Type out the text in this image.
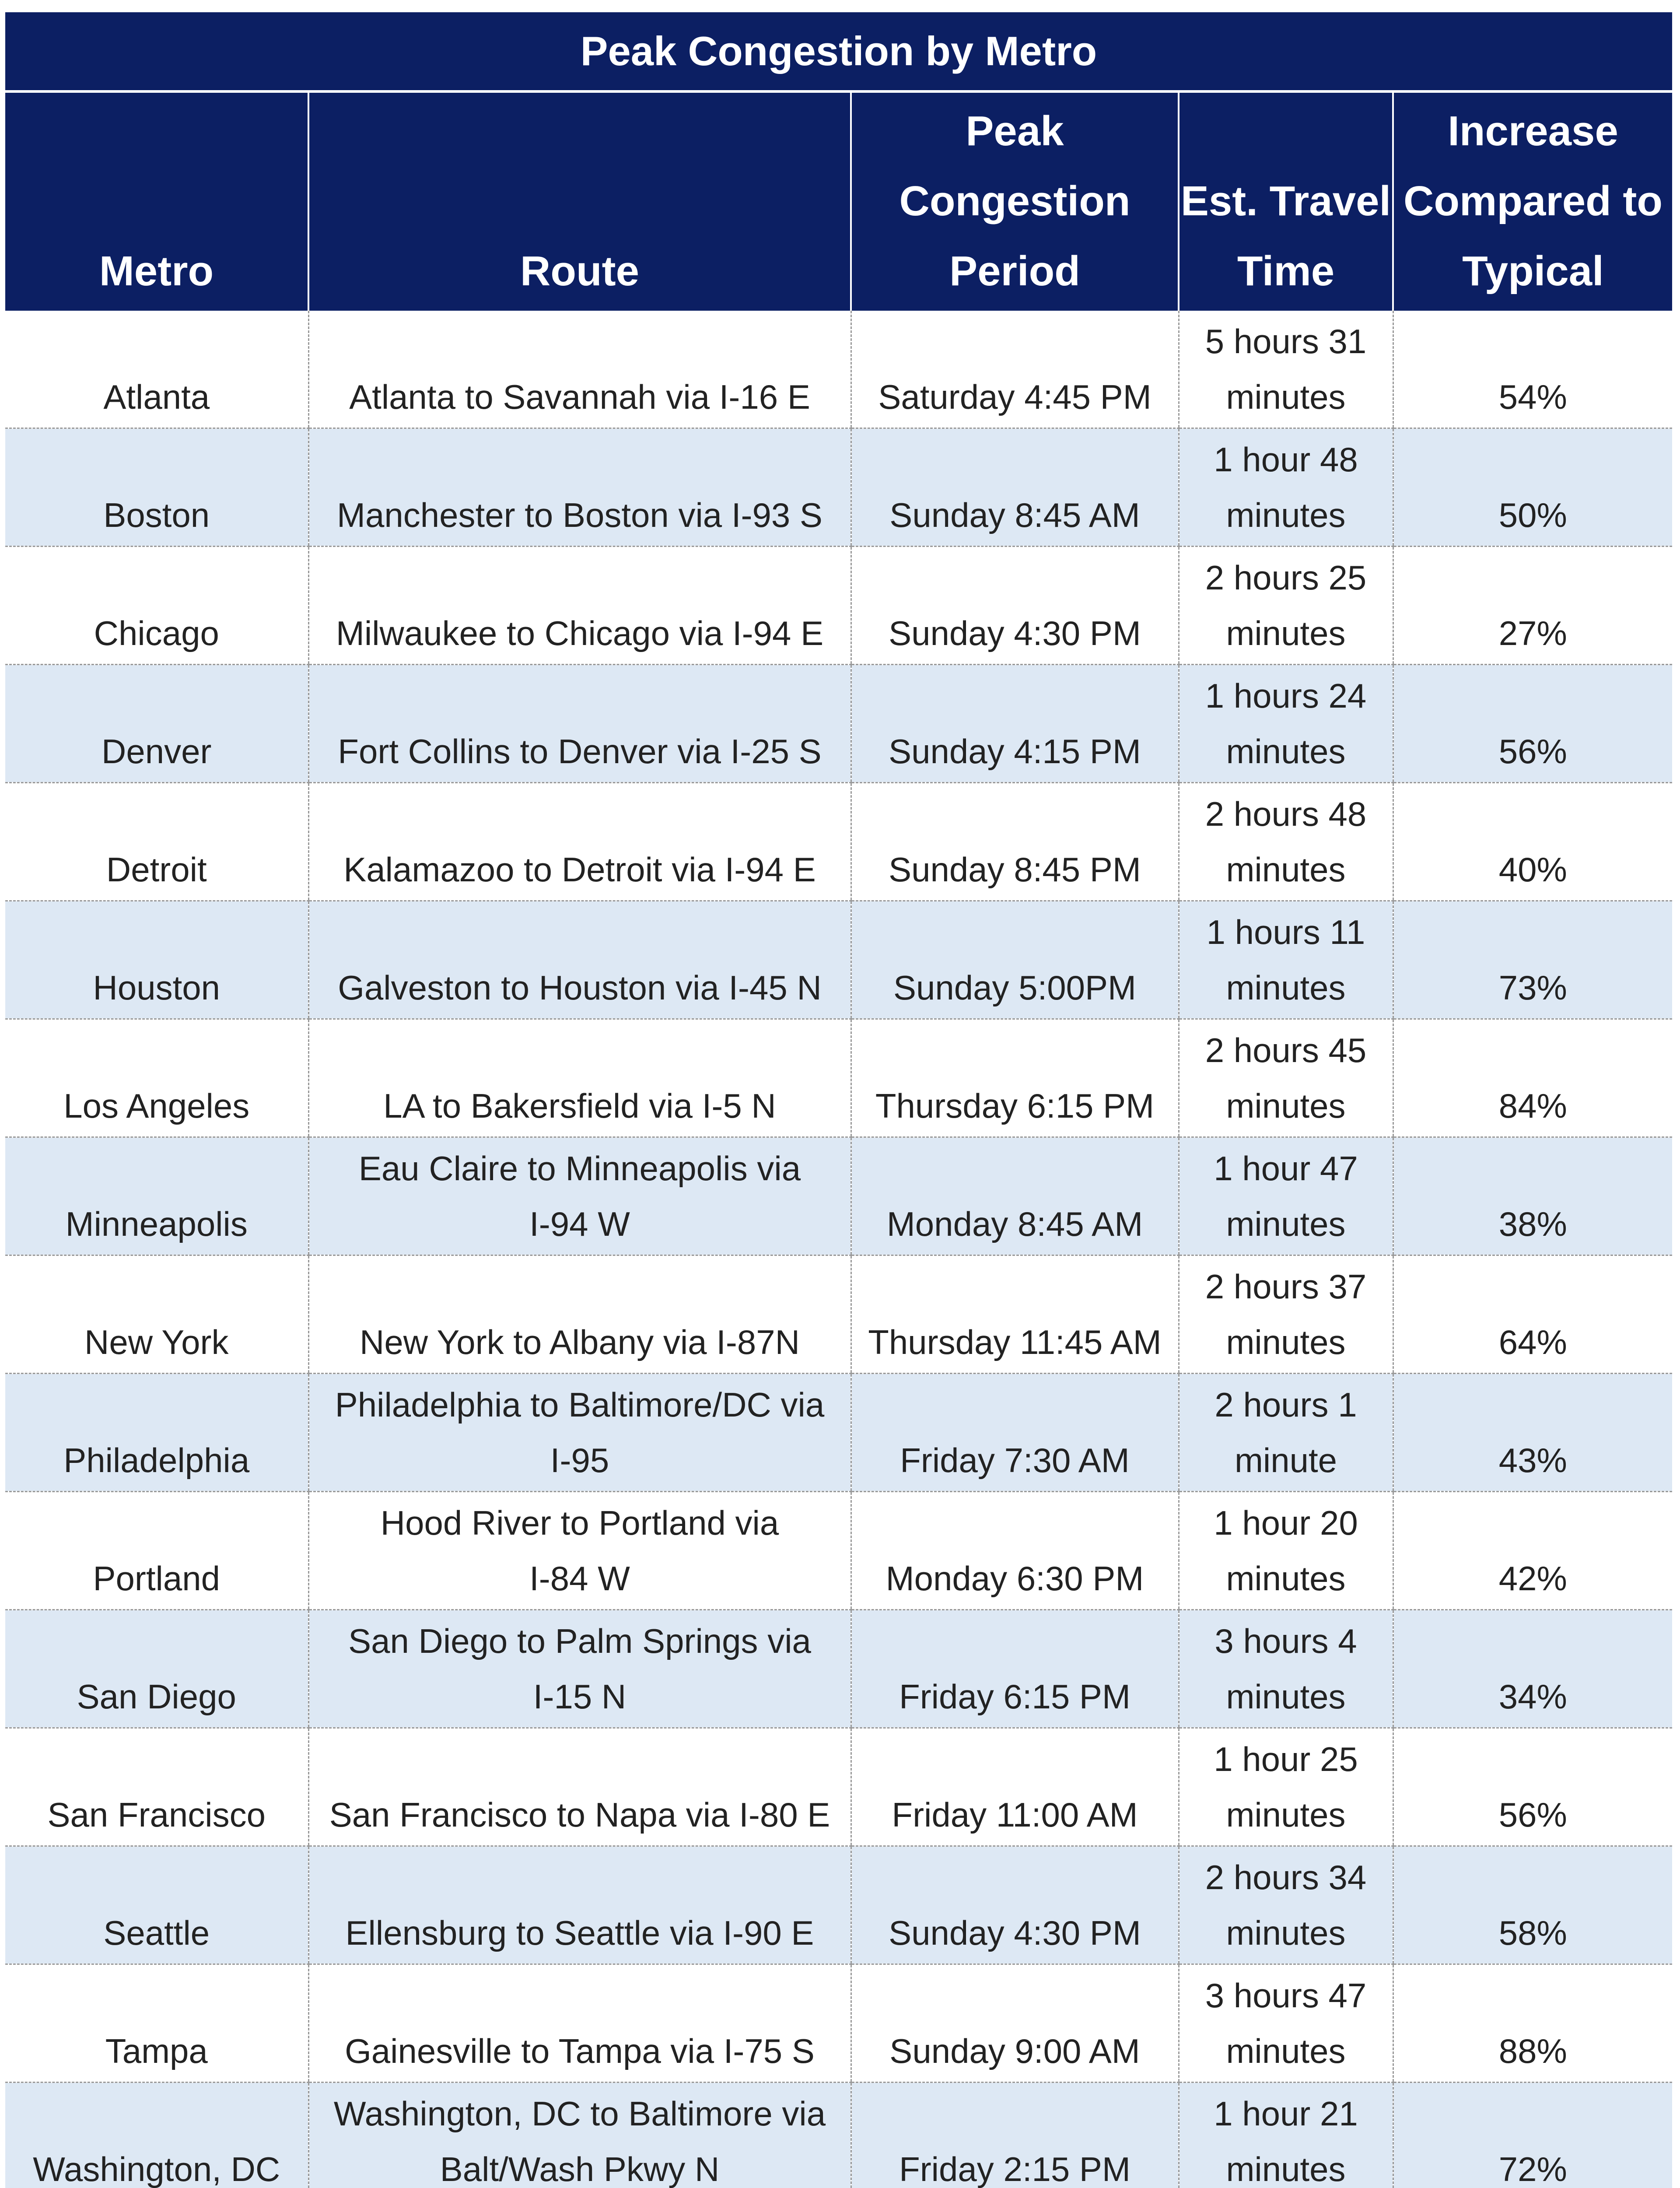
Peak Congestion by Metro				
Metro	Route	Peak Congestion Period	Est. Travel Time	Increase Compared to Typical

Atlanta	Atlanta to Savannah via I-16 E	Saturday 4:45 PM	5 hours 31
minutes	54%

Boston	Manchester to Boston via I-93 S	Sunday 8:45 AM	1 hour 48
minutes	50%

Chicago	Milwaukee to Chicago via I-94 E	Sunday 4:30 PM	2 hours 25
minutes	27%

Denver	Fort Collins to Denver via I-25 S	Sunday 4:15 PM	1 hours 24
minutes	56%

Detroit	Kalamazoo to Detroit via I-94 E	Sunday 8:45 PM	2 hours 48
minutes	40%

Houston	Galveston to Houston via I-45 N	Sunday 5:00PM	1 hours 11
minutes	73%

Los Angeles	LA to Bakersfield via I-5 N	Thursday 6:15 PM	2 hours 45
minutes	84%

Minneapolis	Eau Claire to Minneapolis via
I-94 W	Monday 8:45 AM	1 hour 47
minutes	38%

New York	New York to Albany via I-87N	Thursday 11:45 AM	2 hours 37
minutes	64%

Philadelphia	Philadelphia to Baltimore/DC via
I-95	Friday 7:30 AM	2 hours 1
minute	43%

Portland	Hood River to Portland via
I-84 W	Monday 6:30 PM	1 hour 20
minutes	42%

San Diego	San Diego to Palm Springs via
I-15 N	Friday 6:15 PM	3 hours 4
minutes	34%

San Francisco	San Francisco to Napa via I-80 E	Friday 11:00 AM	1 hour 25
minutes	56%

Seattle	Ellensburg to Seattle via I-90 E	Sunday 4:30 PM	2 hours 34
minutes	58%

Tampa	Gainesville to Tampa via I-75 S	Sunday 9:00 AM	3 hours 47
minutes	88%

Washington, DC	Washington, DC to Baltimore via
Balt/Wash Pkwy N	Friday 2:15 PM	1 hour 21
minutes	72%
